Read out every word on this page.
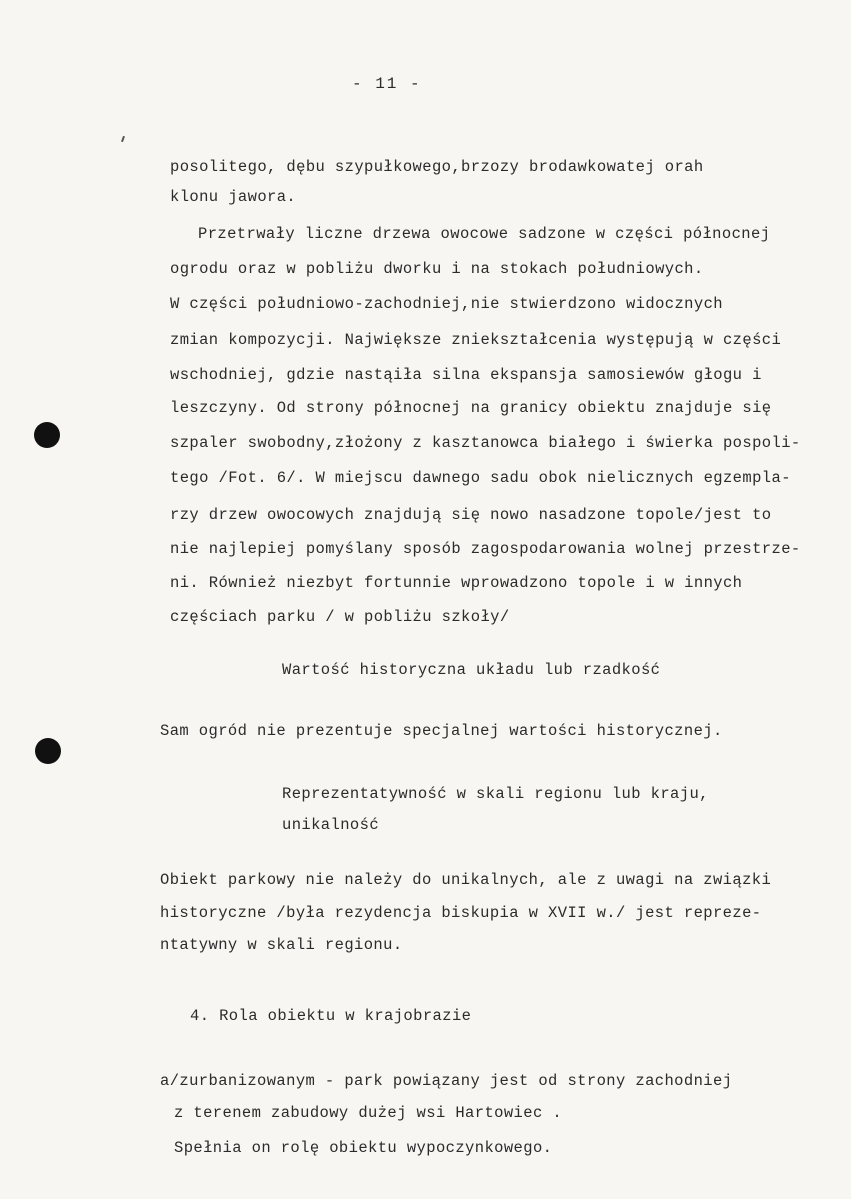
- 11 -
posolitego, dębu szypułkowego,brzozy brodawkowatej orah
klonu jawora.
Przetrwały liczne drzewa owocowe sadzone w części północnej
ogrodu oraz w pobliżu dworku i na stokach południowych.
W części południowo-zachodniej,nie stwierdzono widocznych
zmian kompozycji. Największe zniekształcenia występują w części
wschodniej, gdzie nastąiła silna ekspansja samosiewów głogu i
leszczyny. Od strony północnej na granicy obiektu znajduje się
szpaler swobodny,złożony z kasztanowca białego i świerka pospoli-
tego /Fot. 6/. W miejscu dawnego sadu obok nielicznych egzempla-
rzy drzew owocowych znajdują się nowo nasadzone topole/jest to
nie najlepiej pomyślany sposób zagospodarowania wolnej przestrze-
ni. Również niezbyt fortunnie wprowadzono topole i w innych
częściach parku / w pobliżu szkoły/
Wartość historyczna układu lub rzadkość
Sam ogród nie prezentuje specjalnej wartości historycznej.
Reprezentatywność w skali regionu lub kraju,
unikalność
Obiekt parkowy nie należy do unikalnych, ale z uwagi na związki
historyczne /była rezydencja biskupia w XVII w./ jest repreze-
ntatywny w skali regionu.
4. Rola obiektu w krajobrazie
a/zurbanizowanym - park powiązany jest od strony zachodniej
z terenem zabudowy dużej wsi Hartowiec .
Spełnia on rolę obiektu wypoczynkowego.
